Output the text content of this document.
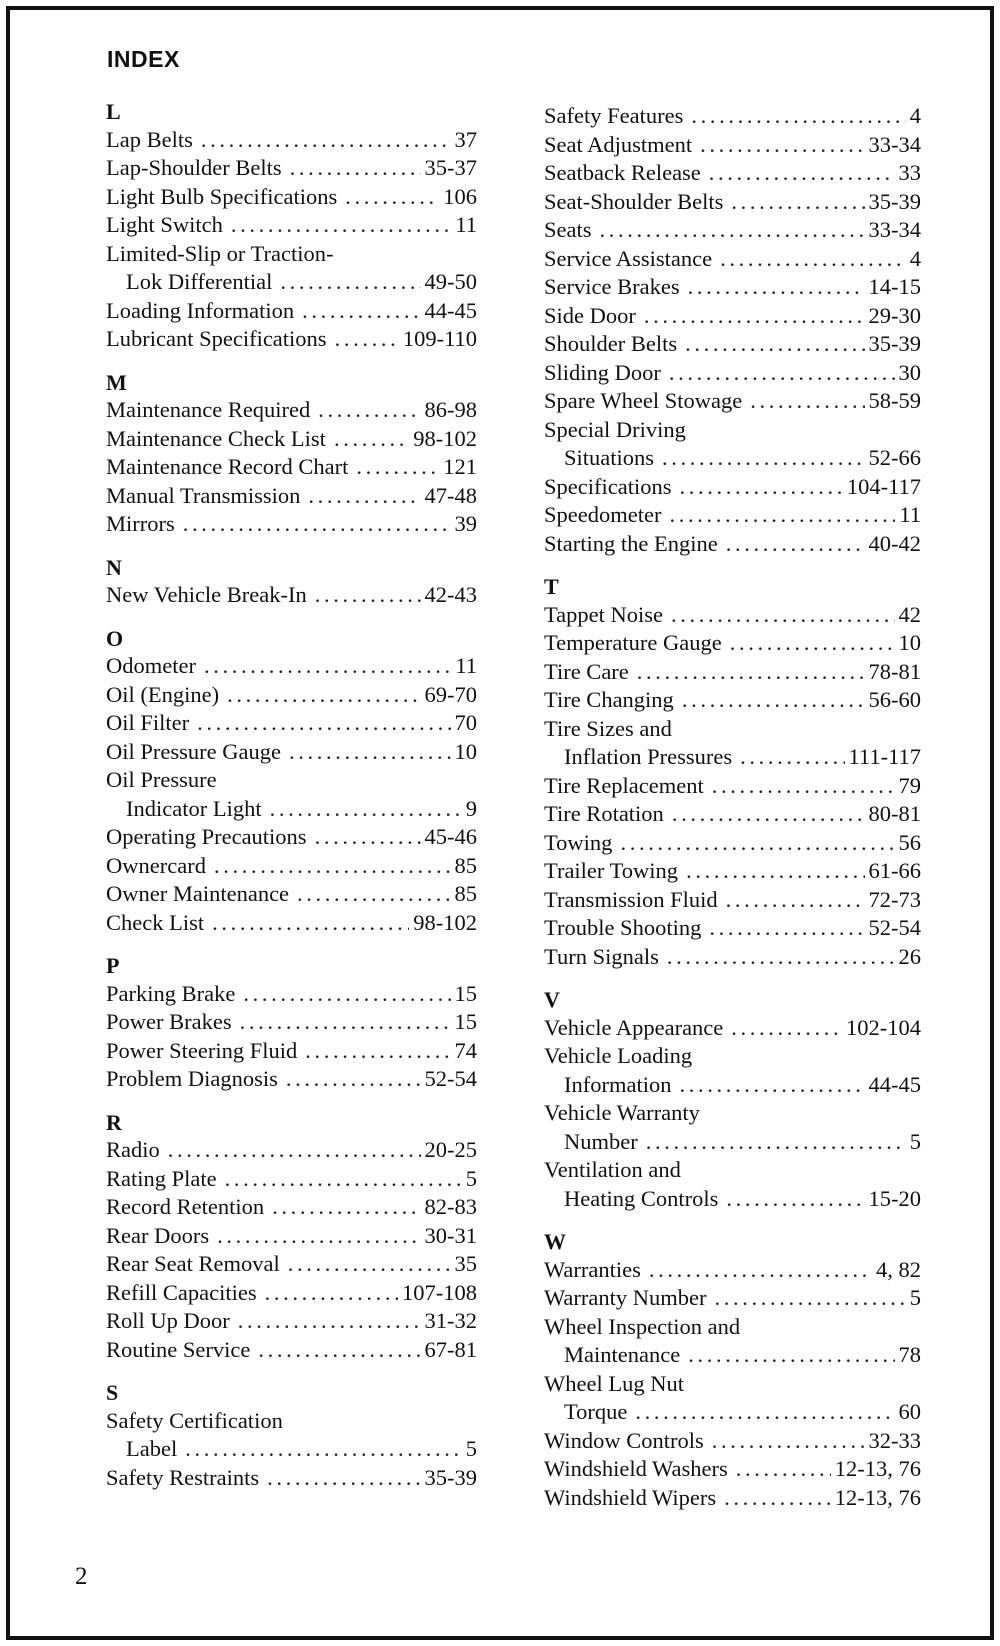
INDEX
L
Lap Belts . . .	37
Lap-Shoulder Belts . . .	35-37
Light Bulb Specifications . . .	106
Light Switch . . .	11
Limited-Slip or Traction-
Lok Differential . . .	49-50
Loading Information . . .	44-45
Lubricant Specifications . . .	109-110
M
Maintenance Required . . .	86-98
Maintenance Check List . . .	98-102
Maintenance Record Chart . . .	121
Manual Transmission . . .	47-48
Mirrors . . .	39
N
New Vehicle Break-In . . .	42-43
O
Odometer . . .	11
Oil (Engine) . . .	69-70
Oil Filter . . .	70
Oil Pressure Gauge . . .	10
Oil Pressure
Indicator Light . . .	9
Operating Precautions . . .	45-46
Ownercard . . .	85
Owner Maintenance . . .	85
Check List . . .	98-102
P
Parking Brake . . .	15
Power Brakes . . .	15
Power Steering Fluid . . .	74
Problem Diagnosis . . .	52-54
R
Radio . . .	20-25
Rating Plate . . .	5
Record Retention . . .	82-83
Rear Doors . . .	30-31
Rear Seat Removal . . .	35
Refill Capacities . . .	107-108
Roll Up Door . . .	31-32
Routine Service . . .	67-81
S
Safety Certification
Label . . .	5
Safety Restraints . . .	35-39
Safety Features . . .	4
Seat Adjustment . . .	33-34
Seatback Release . . .	33
Seat-Shoulder Belts . . .	35-39
Seats . . .	33-34
Service Assistance . . .	4
Service Brakes . . .	14-15
Side Door . . .	29-30
Shoulder Belts . . .	35-39
Sliding Door . . .	30
Spare Wheel Stowage . . .	58-59
Special Driving
Situations . . .	52-66
Specifications . . .	104-117
Speedometer . . .	11
Starting the Engine . . .	40-42
T
Tappet Noise . . .	42
Temperature Gauge . . .	10
Tire Care . . .	78-81
Tire Changing . . .	56-60
Tire Sizes and
Inflation Pressures . . .	111-117
Tire Replacement . . .	79
Tire Rotation . . .	80-81
Towing . . .	56
Trailer Towing . . .	61-66
Transmission Fluid . . .	72-73
Trouble Shooting . . .	52-54
Turn Signals . . .	26
V
Vehicle Appearance . . .	102-104
Vehicle Loading
Information . . .	44-45
Vehicle Warranty
Number . . .	5
Ventilation and
Heating Controls . . .	15-20
W
Warranties . . .	4, 82
Warranty Number . . .	5
Wheel Inspection and
Maintenance . . .	78
Wheel Lug Nut
Torque . . .	60
Window Controls . . .	32-33
Windshield Washers . . .	12-13, 76
Windshield Wipers . . .	12-13, 76
2
